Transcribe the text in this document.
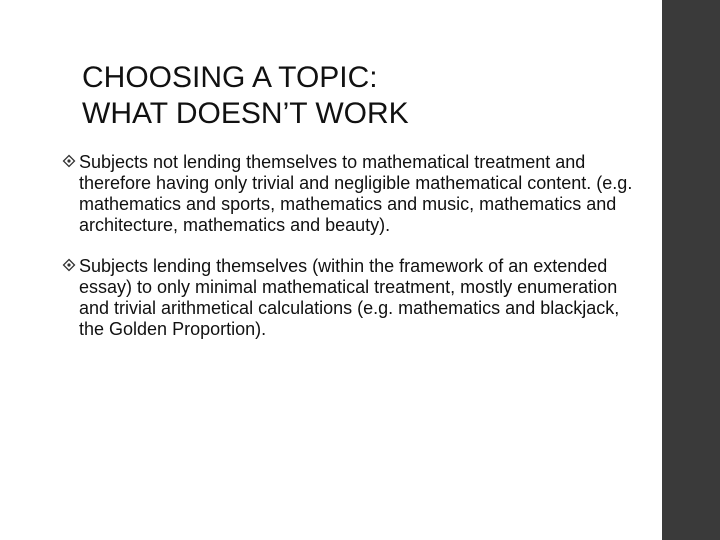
CHOOSING A TOPIC:
WHAT DOESN’T WORK
Subjects not lending themselves to mathematical treatment and therefore having only trivial and negligible mathematical content. (e.g. mathematics and sports, mathematics and music, mathematics and architecture, mathematics and beauty).
Subjects lending themselves (within the framework of an extended essay) to only minimal mathematical treatment, mostly enumeration and trivial arithmetical calculations (e.g. mathematics and blackjack, the Golden Proportion).
